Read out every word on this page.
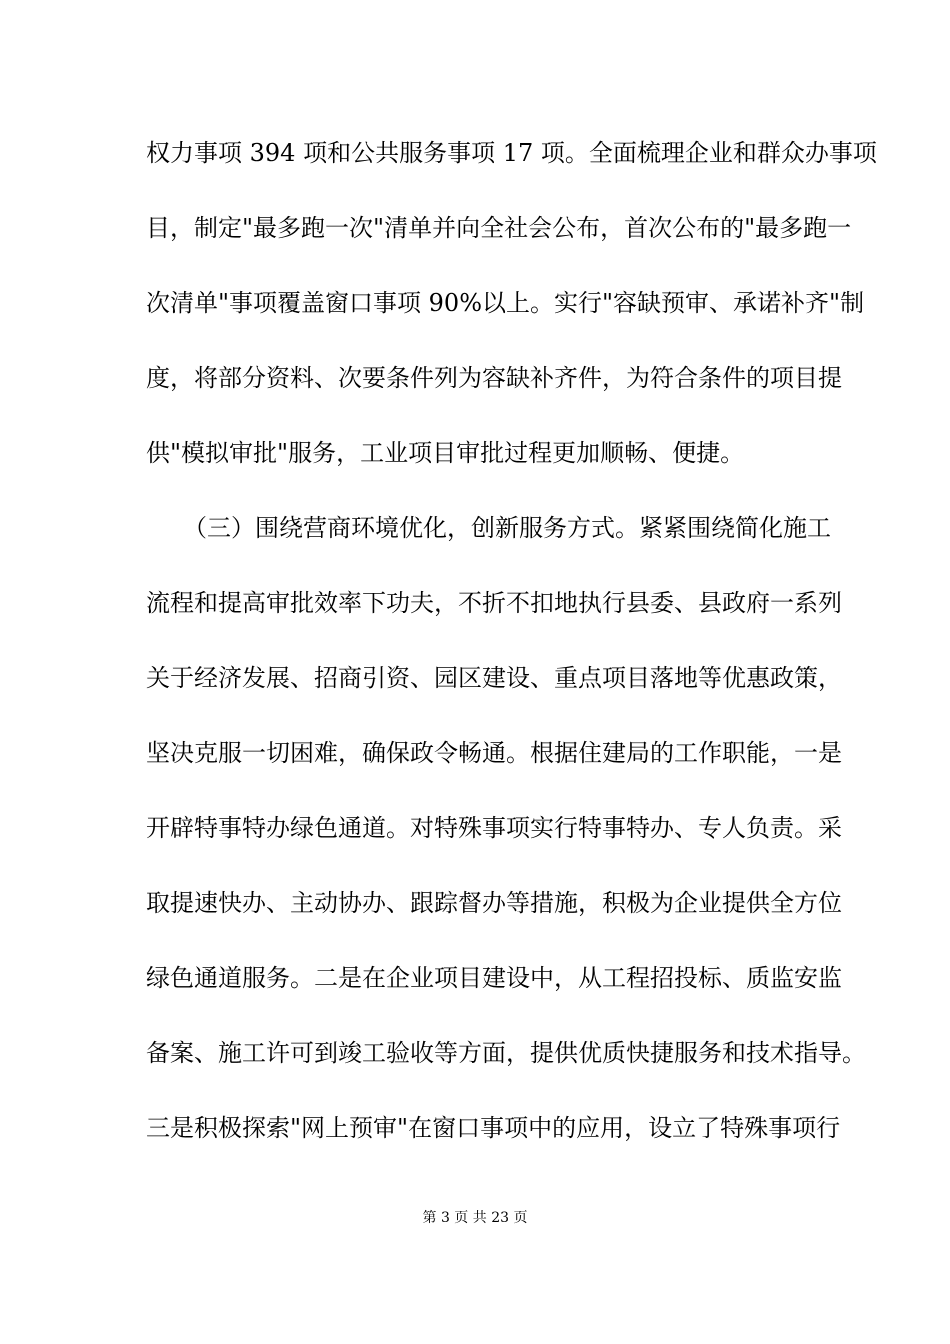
权力事项 394 项和公共服务事项 17 项。全面梳理企业和群众办事项
目，制定"最多跑一次"清单并向全社会公布，首次公布的"最多跑一
次清单"事项覆盖窗口事项 90%以上。实行"容缺预审、承诺补齐"制
度，将部分资料、次要条件列为容缺补齐件，为符合条件的项目提
供"模拟审批"服务，工业项目审批过程更加顺畅、便捷。
（三）围绕营商环境优化，创新服务方式。紧紧围绕简化施工
流程和提高审批效率下功夫，不折不扣地执行县委、县政府一系列
关于经济发展、招商引资、园区建设、重点项目落地等优惠政策，
坚决克服一切困难，确保政令畅通。根据住建局的工作职能，一是
开辟特事特办绿色通道。对特殊事项实行特事特办、专人负责。采
取提速快办、主动协办、跟踪督办等措施，积极为企业提供全方位
绿色通道服务。二是在企业项目建设中，从工程招投标、质监安监
备案、施工许可到竣工验收等方面，提供优质快捷服务和技术指导。
三是积极探索"网上预审"在窗口事项中的应用，设立了特殊事项行
第 3 页 共 23 页
